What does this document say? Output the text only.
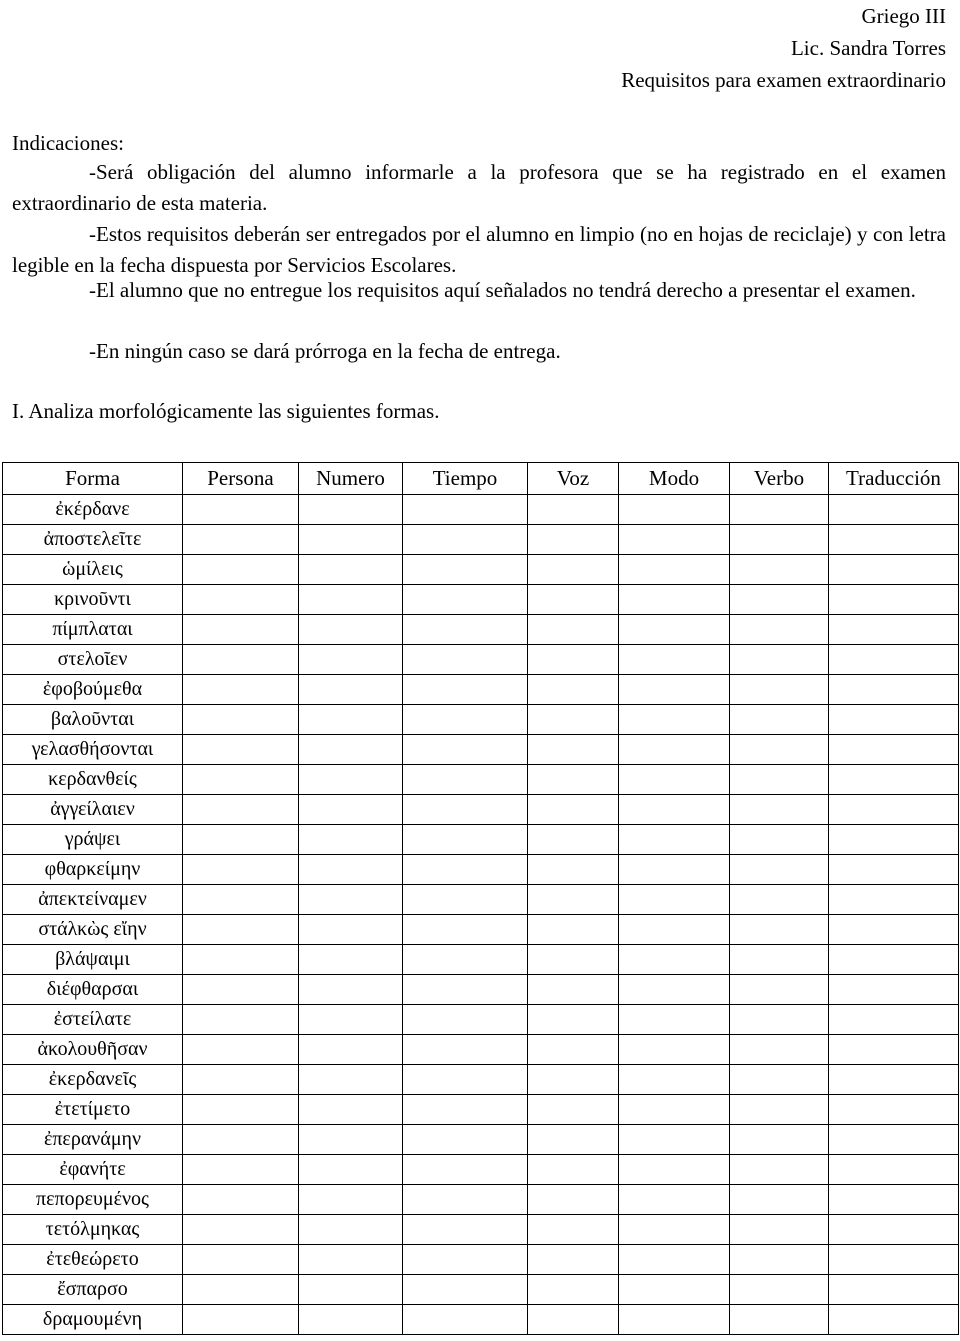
Griego III
Lic. Sandra Torres
Requisitos para examen extraordinario
Indicaciones:
-Será obligación del alumno informarle a la profesora que se ha registrado en el examen extraordinario de esta materia.
-Estos requisitos deberán ser entregados por el alumno en limpio (no en hojas de reciclaje) y con letra legible en la fecha dispuesta por Servicios Escolares.
-El alumno que no entregue los requisitos aquí señalados no tendrá derecho a presentar el examen.
-En ningún caso se dará prórroga en la fecha de entrega.
I. Analiza morfológicamente las siguientes formas.
Forma	Persona	Numero	Tiempo	Voz	Modo	Verbo	Traducción
ἐκέρδανε							
ἀποστελεῖτε							
ὡμίλεις							
κρινοῦντι							
πίμπλαται							
στελοῖεν							
ἐφοβούμεθα							
βαλοῦνται							
γελασθήσονται							
κερδανθείς							
ἀγγείλαιεν							
γράψει							
φθαρκείμην							
ἀπεκτείναμεν							
στάλκὼς εἴην							
βλάψαιμι							
διέφθαρσαι							
ἐστείλατε							
ἀκολουθῆσαν							
ἐκερδανεῖς							
ἐτετίμετο							
ἐπερανάμην							
ἐφανήτε							
πεπορευμένος							
τετόλμηκας							
ἐτεθεώρετο							
ἔσπαρσο							
δραμουμένη							
